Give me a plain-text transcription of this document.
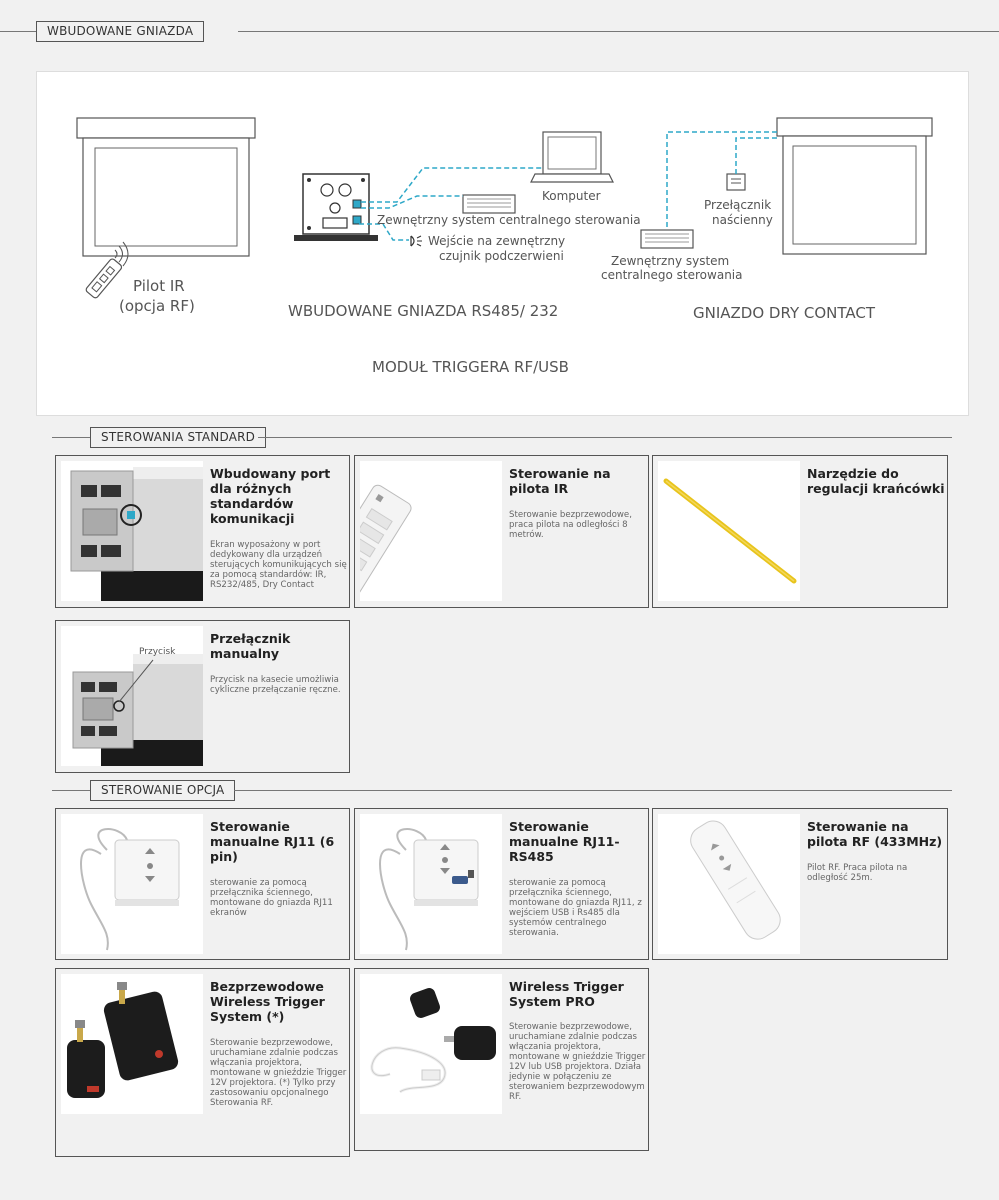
WBUDOWANE GNIAZDA
Pilot IR
(opcja RF)
Komputer
Zewnętrzny system centralnego sterowania
Wejście na zewnętrzny
czujnik podczerwieni
WBUDOWANE GNIAZDA RS485/ 232
MODUŁ TRIGGERA RF/USB
Przełącznik
naścienny
Zewnętrzny system
centralnego sterowania
GNIAZDO DRY CONTACT
STEROWANIA STANDARD
Wbudowany port dla różnych standardów komunikacji
Ekran wyposażony w port dedykowany dla urządzeń sterujących komunikujących się za pomocą standardów: IR, RS232/485, Dry Contact
Sterowanie na pilota IR
Sterowanie bezprzewodowe, praca pilota na odległości 8 metrów.
Narzędzie do regulacji krańcówki
Przycisk
Przełącznik manualny
Przycisk na kasecie umożliwia cykliczne przełączanie ręczne.
STEROWANIE OPCJA
Sterowanie manualne RJ11 (6 pin)
sterowanie za pomocą przełącznika ściennego, montowane do gniazda RJ11 ekranów
Sterowanie manualne RJ11-RS485
sterowanie za pomocą przełącznika ściennego, montowane do gniazda RJ11, z wejściem USB i Rs485 dla systemów centralnego sterowania.
Sterowanie na pilota RF (433MHz)
Pilot RF. Praca pilota na odległość 25m.
Bezprzewodowe Wireless Trigger System (*)
Sterowanie bezprzewodowe, uruchamiane zdalnie podczas włączania projektora, montowane w gnieździe Trigger 12V projektora. (*) Tylko przy zastosowaniu opcjonalnego Sterowania RF.
Wireless Trigger System PRO
Sterowanie bezprzewodowe, uruchamiane zdalnie podczas włączania projektora, montowane w gnieździe Trigger 12V lub USB projektora. Działa jedynie w połączeniu ze sterowaniem bezprzewodowym RF.
